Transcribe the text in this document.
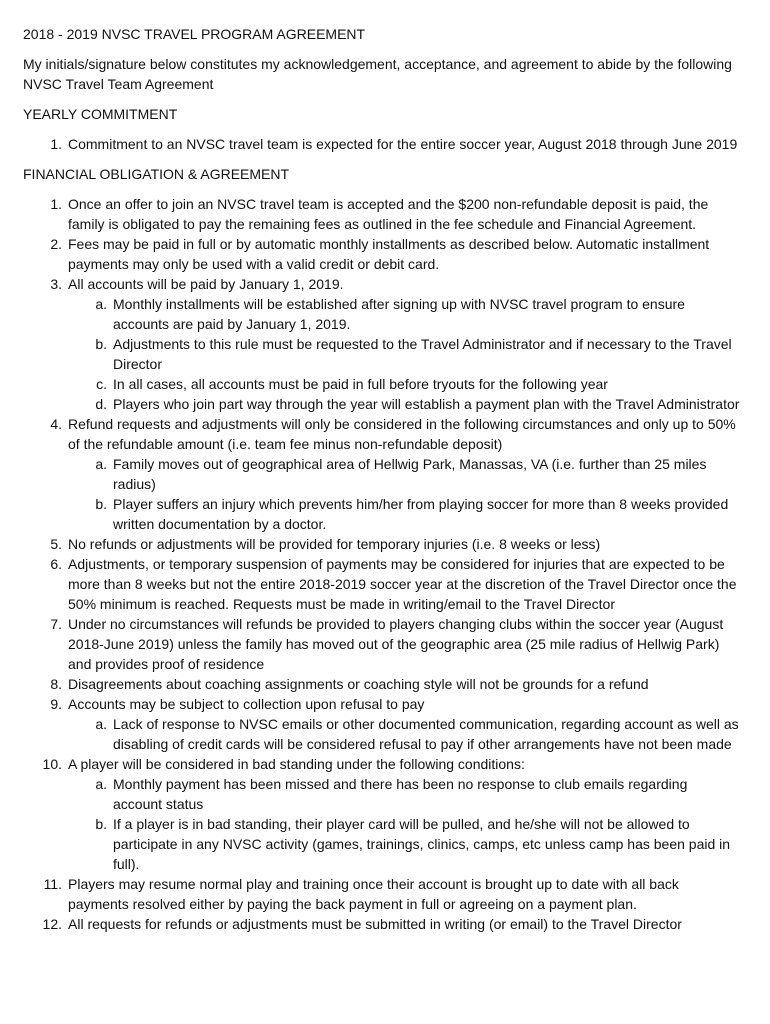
2018 - 2019 NVSC TRAVEL PROGRAM AGREEMENT

My initials/signature below constitutes my acknowledgement, acceptance, and agreement to abide by the following NVSC Travel Team Agreement

YEARLY COMMITMENT

1. Commitment to an NVSC travel team is expected for the entire soccer year, August 2018 through June 2019

FINANCIAL OBLIGATION & AGREEMENT

1. Once an offer to join an NVSC travel team is accepted and the $200 non-refundable deposit is paid, the family is obligated to pay the remaining fees as outlined in the fee schedule and Financial Agreement.
2. Fees may be paid in full or by automatic monthly installments as described below. Automatic installment payments may only be used with a valid credit or debit card.
3. All accounts will be paid by January 1, 2019.
a. Monthly installments will be established after signing up with NVSC travel program to ensure accounts are paid by January 1, 2019.
b. Adjustments to this rule must be requested to the Travel Administrator and if necessary to the Travel Director
c. In all cases, all accounts must be paid in full before tryouts for the following year
d. Players who join part way through the year will establish a payment plan with the Travel Administrator
4. Refund requests and adjustments will only be considered in the following circumstances and only up to 50% of the refundable amount (i.e. team fee minus non-refundable deposit)
a. Family moves out of geographical area of Hellwig Park, Manassas, VA (i.e. further than 25 miles radius)
b. Player suffers an injury which prevents him/her from playing soccer for more than 8 weeks provided written documentation by a doctor.
5. No refunds or adjustments will be provided for temporary injuries (i.e. 8 weeks or less)
6. Adjustments, or temporary suspension of payments may be considered for injuries that are expected to be more than 8 weeks but not the entire 2018-2019 soccer year at the discretion of the Travel Director once the 50% minimum is reached. Requests must be made in writing/email to the Travel Director
7. Under no circumstances will refunds be provided to players changing clubs within the soccer year (August 2018-June 2019) unless the family has moved out of the geographic area (25 mile radius of Hellwig Park) and provides proof of residence
8. Disagreements about coaching assignments or coaching style will not be grounds for a refund
9. Accounts may be subject to collection upon refusal to pay
a. Lack of response to NVSC emails or other documented communication, regarding account as well as disabling of credit cards will be considered refusal to pay if other arrangements have not been made
10. A player will be considered in bad standing under the following conditions:
a. Monthly payment has been missed and there has been no response to club emails regarding account status
b. If a player is in bad standing, their player card will be pulled, and he/she will not be allowed to participate in any NVSC activity (games, trainings, clinics, camps, etc unless camp has been paid in full).
11. Players may resume normal play and training once their account is brought up to date with all back payments resolved either by paying the back payment in full or agreeing on a payment plan.
12. All requests for refunds or adjustments must be submitted in writing (or email) to the Travel Director
